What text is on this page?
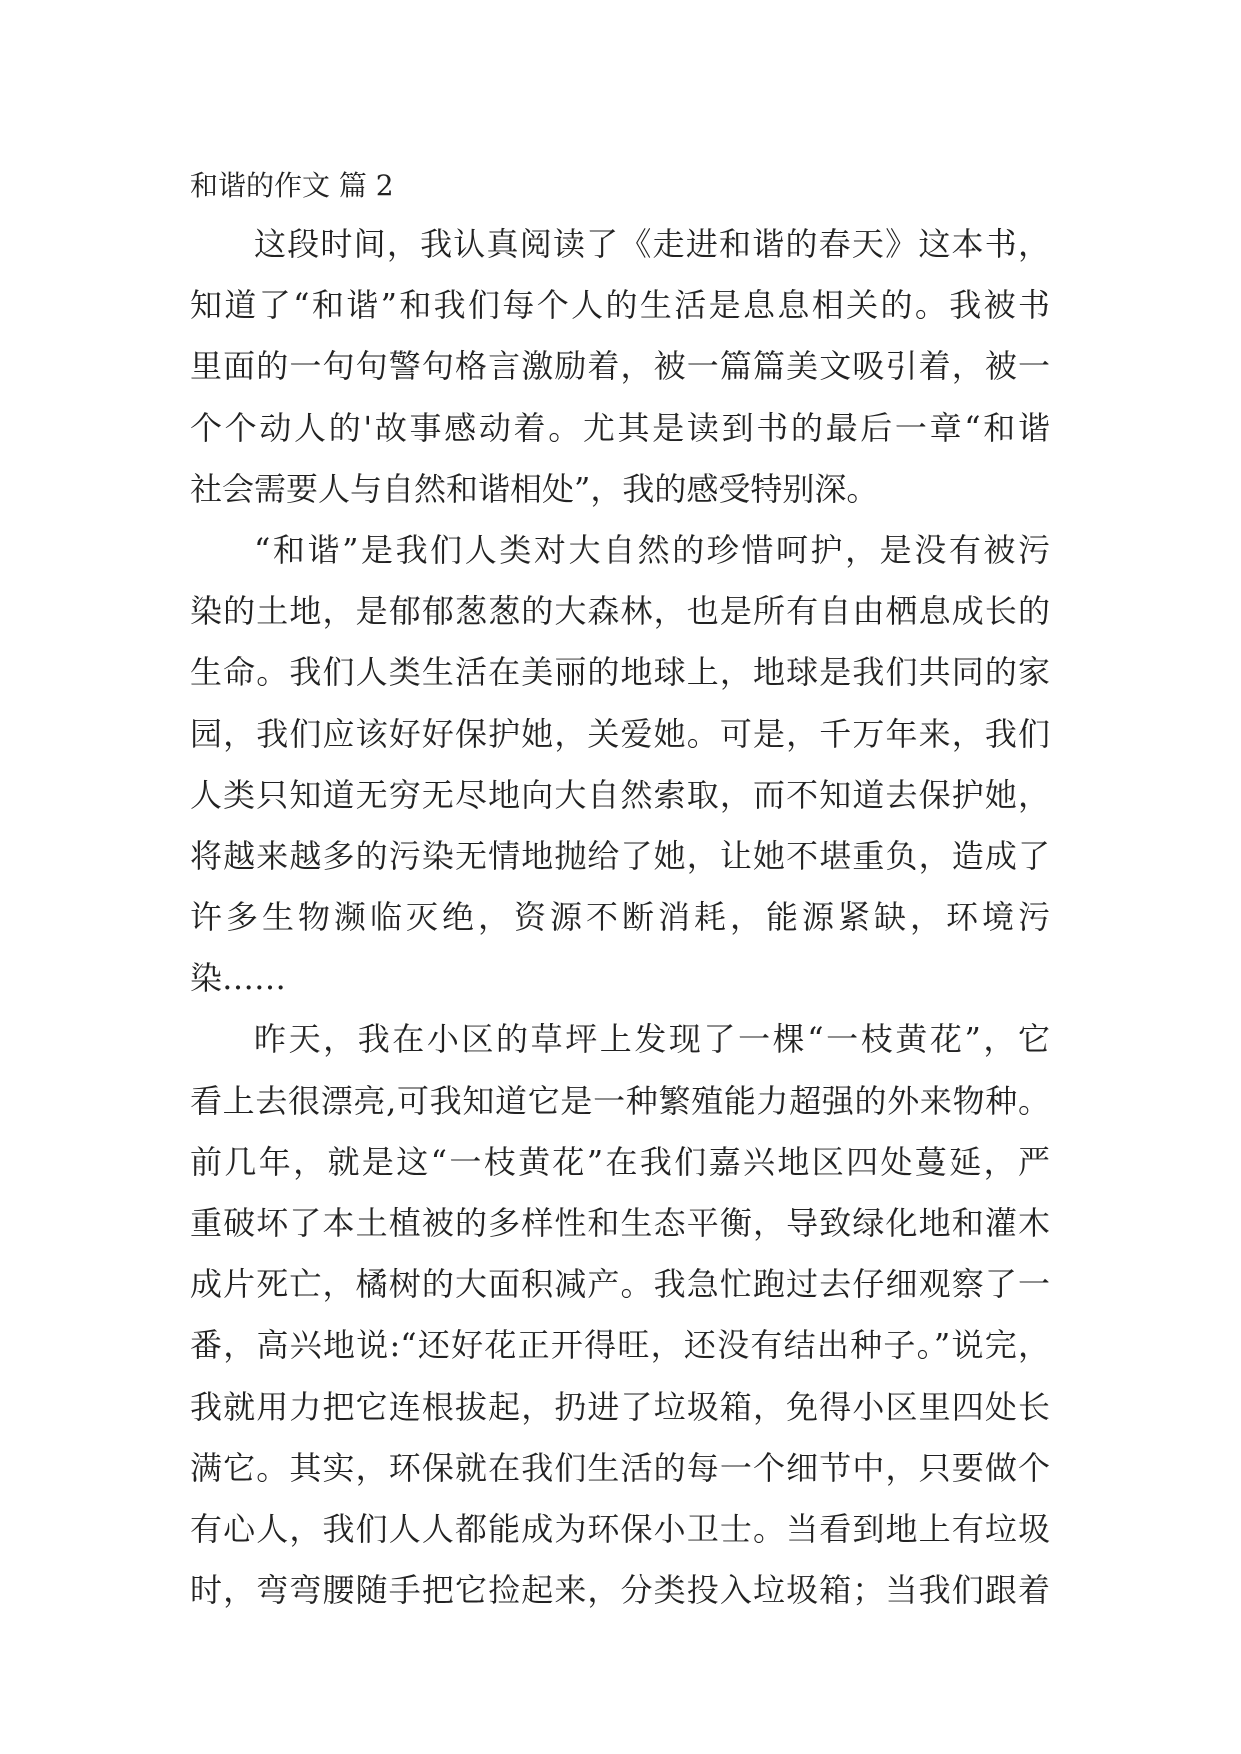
和谐的作文 篇 2
这段时间，我认真阅读了《走进和谐的春天》这本书，
知道了“和谐”和我们每个人的生活是息息相关的。我被书
里面的一句句警句格言激励着，被一篇篇美文吸引着，被一
个个动人的'故事感动着。尤其是读到书的最后一章“和谐
社会需要人与自然和谐相处”，我的感受特别深。
“和谐”是我们人类对大自然的珍惜呵护，是没有被污
染的土地，是郁郁葱葱的大森林，也是所有自由栖息成长的
生命。我们人类生活在美丽的地球上，地球是我们共同的家
园，我们应该好好保护她，关爱她。可是，千万年来，我们
人类只知道无穷无尽地向大自然索取，而不知道去保护她，
将越来越多的污染无情地抛给了她，让她不堪重负，造成了
许多生物濒临灭绝，资源不断消耗，能源紧缺，环境污
染……
昨天，我在小区的草坪上发现了一棵“一枝黄花”，它
看上去很漂亮,可我知道它是一种繁殖能力超强的外来物种。
前几年，就是这“一枝黄花”在我们嘉兴地区四处蔓延，严
重破坏了本土植被的多样性和生态平衡，导致绿化地和灌木
成片死亡，橘树的大面积减产。我急忙跑过去仔细观察了一
番，高兴地说:“还好花正开得旺，还没有结出种子。”说完，
我就用力把它连根拔起，扔进了垃圾箱，免得小区里四处长
满它。其实，环保就在我们生活的每一个细节中，只要做个
有心人，我们人人都能成为环保小卫士。当看到地上有垃圾
时，弯弯腰随手把它捡起来，分类投入垃圾箱；当我们跟着
